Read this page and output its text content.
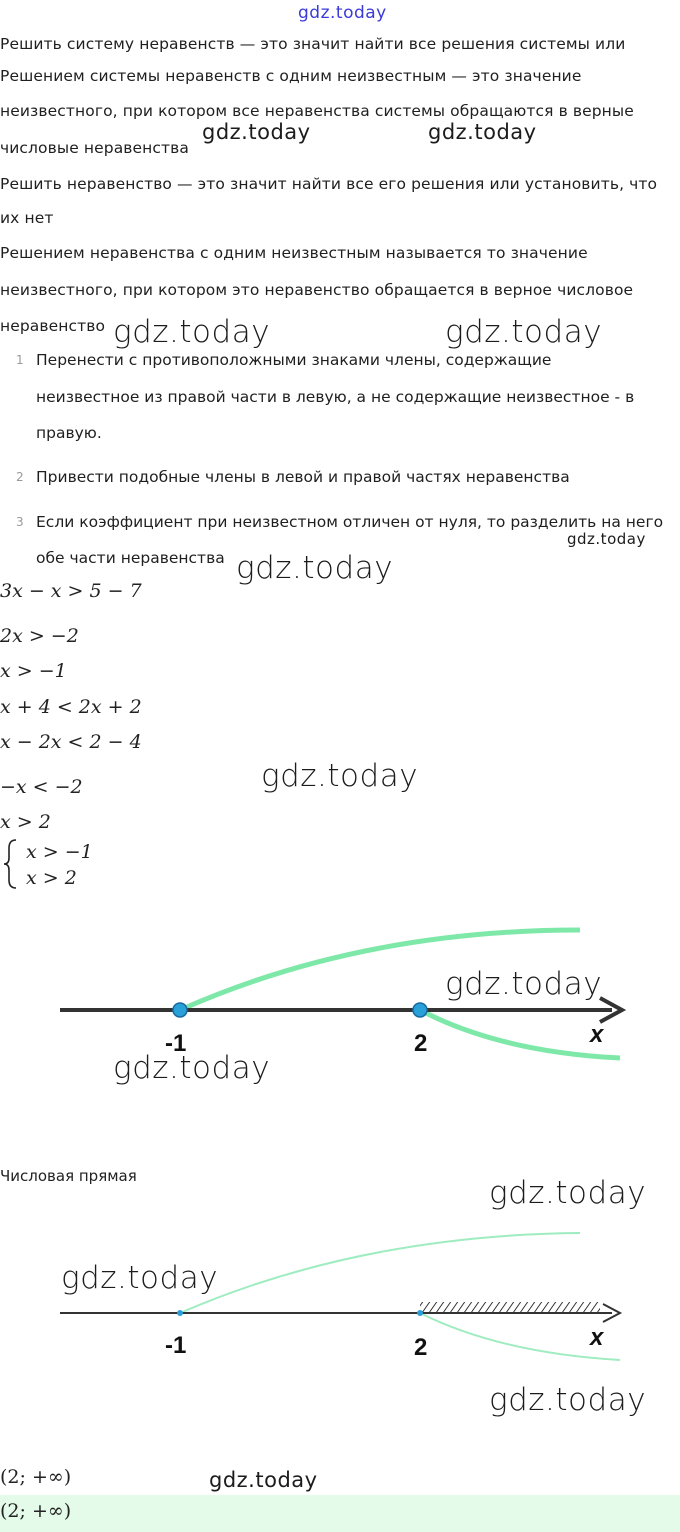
gdz.today
Решить систему неравенств — это значит найти все решения системы или
Решением системы неравенств с одним неизвестным — это значение
неизвестного, при котором все неравенства системы обращаются в верные
числовые неравенства
gdz.today	gdz.today
Решить неравенство — это значит найти все его решения или установить, что
их нет
Решением неравенства с одним неизвестным называется то значение
неизвестного, при котором это неравенство обращается в верное числовое
неравенство gdz.today	gdz.today
1 Перенести с противоположными знаками члены, содержащие
неизвестное из правой части в левую, а не содержащие неизвестное - в
правую.
2 Привести подобные члены в левой и правой частях неравенства
3 Если коэффициент при неизвестном отличен от нуля, то разделить на него
обе части неравенства
gdz.today
gdz.today
3x − x > 5 − 7
2x > −2
x > −1
x + 4 < 2x + 2
x − 2x < 2 − 4
−x < −2
x > 2
gdz.today
x > −1
x > 2
-1	2	x
gdz.today
gdz.today
Числовая прямая	gdz.today
-1	2	x
gdz.today
gdz.today
(2; +∞)	gdz.today
(2; +∞)
